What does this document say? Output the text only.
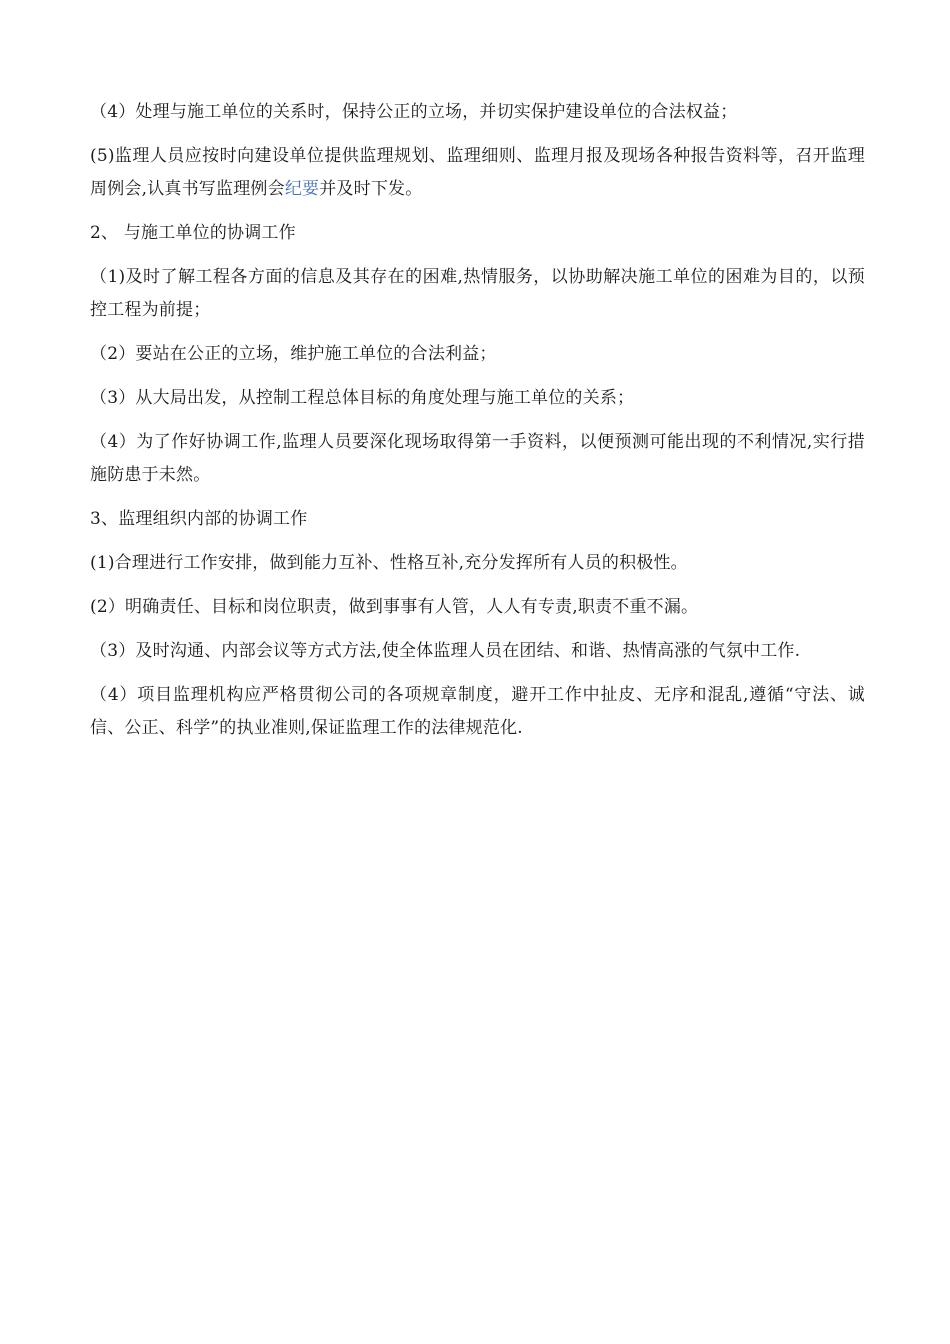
（4）处理与施工单位的关系时，保持公正的立场，并切实保护建设单位的合法权益；

(5)监理人员应按时向建设单位提供监理规划、监理细则、监理月报及现场各种报告资料等，召开监理周例会,认真书写监理例会纪要并及时下发。

2、 与施工单位的协调工作

（1)及时了解工程各方面的信息及其存在的困难,热情服务，以协助解决施工单位的困难为目的，以预控工程为前提；

（2）要站在公正的立场，维护施工单位的合法利益；

（3）从大局出发，从控制工程总体目标的角度处理与施工单位的关系；

（4）为了作好协调工作,监理人员要深化现场取得第一手资料，以便预测可能出现的不利情况,实行措施防患于未然。

3、监理组织内部的协调工作

(1)合理进行工作安排，做到能力互补、性格互补,充分发挥所有人员的积极性。

(2）明确责任、目标和岗位职责，做到事事有人管，人人有专责,职责不重不漏。

（3）及时沟通、内部会议等方式方法,使全体监理人员在团结、和谐、热情高涨的气氛中工作.

（4）项目监理机构应严格贯彻公司的各项规章制度，避开工作中扯皮、无序和混乱,遵循“守法、诚信、公正、科学”的执业准则,保证监理工作的法律规范化.
